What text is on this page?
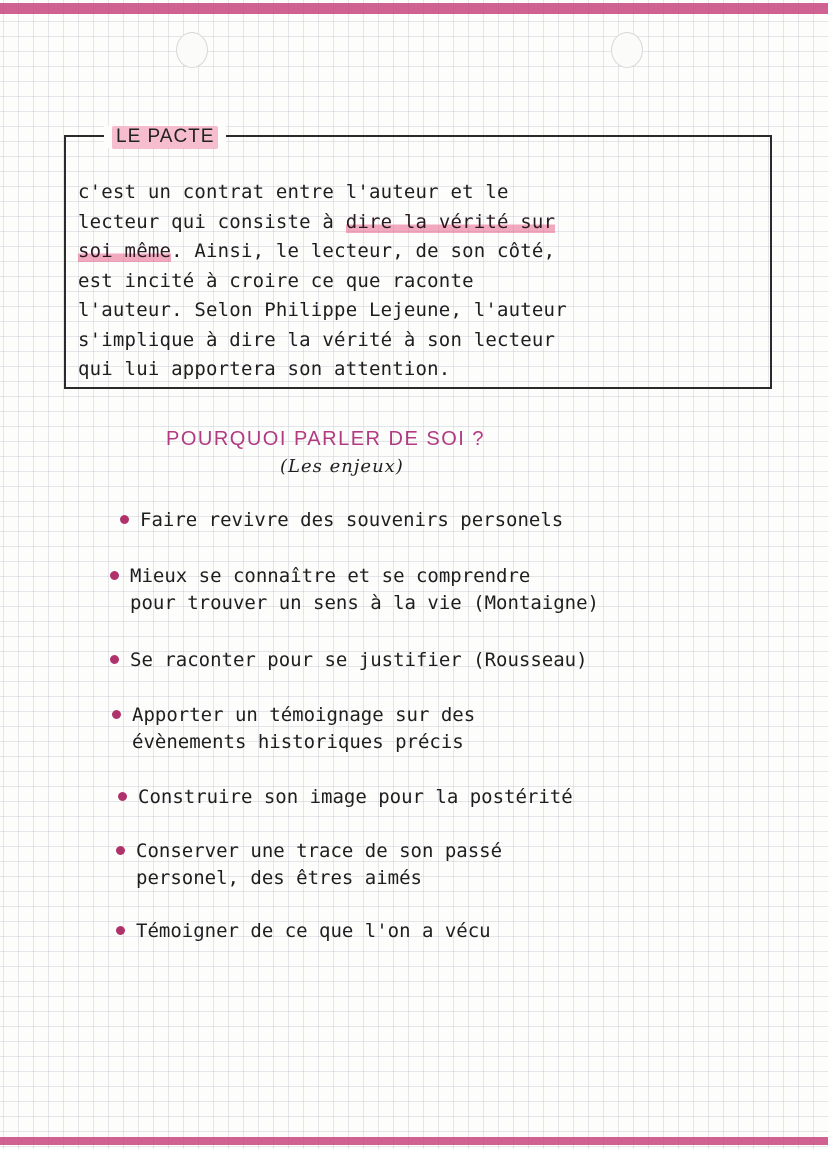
LE PACTE
c'est un contrat entre l'auteur et le
lecteur qui consiste à dire la vérité sur
soi même. Ainsi, le lecteur, de son côté,
est incité à croire ce que raconte
l'auteur. Selon Philippe Lejeune, l'auteur
s'implique à dire la vérité à son lecteur
qui lui apportera son attention.
POURQUOI PARLER DE SOI ?
(Les enjeux)
Faire revivre des souvenirs personels
Mieux se connaître et se comprendre
pour trouver un sens à la vie (Montaigne)
Se raconter pour se justifier (Rousseau)
Apporter un témoignage sur des
évènements historiques précis
Construire son image pour la postérité
Conserver une trace de son passé
personel, des êtres aimés
Témoigner de ce que l'on a vécu
